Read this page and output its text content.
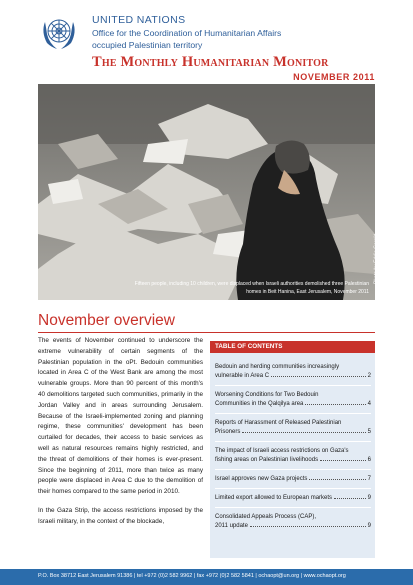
UNITED NATIONS
Office for the Coordination of Humanitarian Affairs
occupied Palestinian territory
The Monthly Humanitarian Monitor
NOVEMBER 2011
Photo by Eddie Gerald
Fifteen people, including 10 children, were displaced when Israeli authorities demolished three Palestinian
homes in Beit Hanina, East Jerusalem, November 2011
November overview

The events of November continued to underscore the extreme vulnerability of certain segments of the Palestinian population in the oPt. Bedouin communities located in Area C of the West Bank are among the most vulnerable groups. More than 90 percent of this month's 40 demolitions targeted such communities, primarily in the Jordan Valley and in areas surrounding Jerusalem. Because of the Israeli-implemented zoning and planning regime, these communities' development has been curtailed for decades, their access to basic services as well as natural resources remains highly restricted, and the threat of demolitions of their homes is ever-present. Since the beginning of 2011, more than twice as many people were displaced in Area C due to the demolition of their homes compared to the same period in 2010.

In the Gaza Strip, the access restrictions imposed by the Israeli military, in the context of the blockade,

TABLE OF CONTENTS
Bedouin and herding communities increasingly
vulnerable in Area C	2
Worsening Conditions for Two Bedouin
Communities in the Qalqilya area	4
Reports of Harassment of Released Palestinian
Prisoners	5
The impact of Israeli access restrictions on Gaza's
fishing areas on Palestinian livelihoods	6
Israel approves new Gaza projects	7
Limited export allowed to European markets	9
Consolidated Appeals Process (CAP),
2011 update	9
P.O. Box 38712 East Jerusalem 91386 | tel +972 (0)2 582 9962 | fax +972 (0)2 582 5841 | ochaopt@un.org | www.ochaopt.org
